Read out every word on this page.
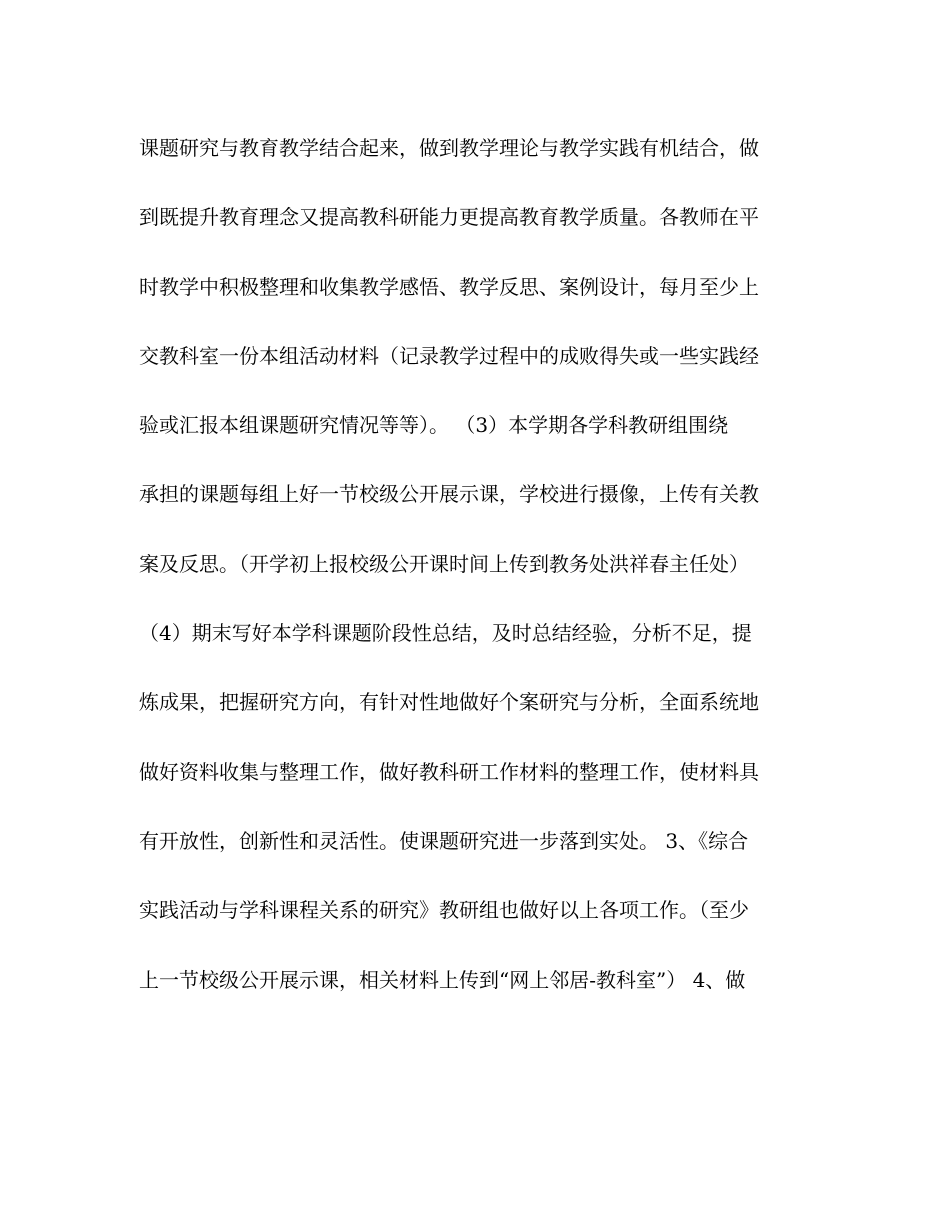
课题研究与教育教学结合起来，做到教学理论与教学实践有机结合，做
到既提升教育理念又提高教科研能力更提高教育教学质量。各教师在平
时教学中积极整理和收集教学感悟、教学反思、案例设计，每月至少上
交教科室一份本组活动材料（记录教学过程中的成败得失或一些实践经
验或汇报本组课题研究情况等等）。 （3）本学期各学科教研组围绕
承担的课题每组上好一节校级公开展示课，学校进行摄像，上传有关教
案及反思。（开学初上报校级公开课时间上传到教务处洪祥春主任处）
（4）期末写好本学科课题阶段性总结，及时总结经验，分析不足，提
炼成果，把握研究方向，有针对性地做好个案研究与分析，全面系统地
做好资料收集与整理工作，做好教科研工作材料的整理工作，使材料具
有开放性，创新性和灵活性。使课题研究进一步落到实处。 3、《综合
实践活动与学科课程关系的研究》教研组也做好以上各项工作。（至少
上一节校级公开展示课，相关材料上传到“网上邻居-教科室”） 4、做
